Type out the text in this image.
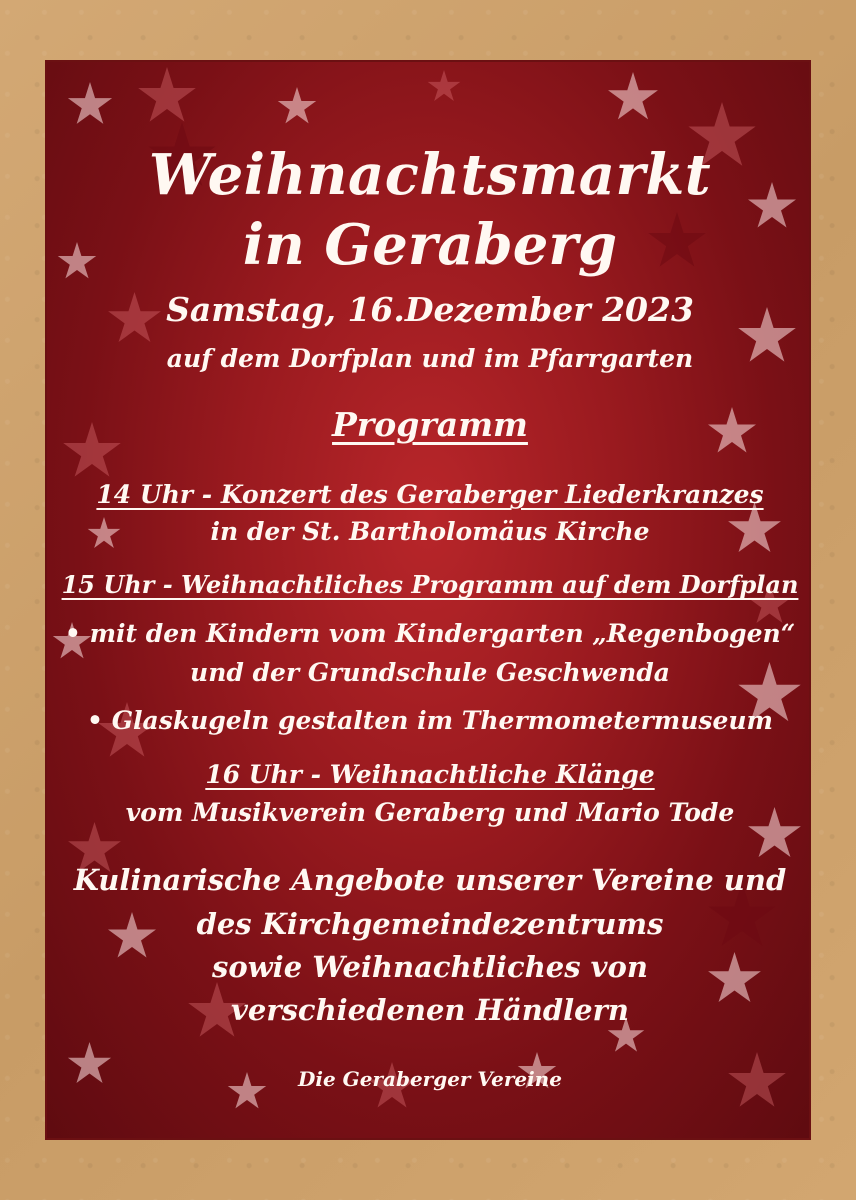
Weihnachtsmarkt
in Geraberg
Samstag, 16.Dezember 2023
auf dem Dorfplan und im Pfarrgarten
Programm
14 Uhr - Konzert des Geraberger Liederkranzes
in der St. Bartholomäus Kirche
15 Uhr - Weihnachtliches Programm auf dem Dorfplan
• mit den Kindern vom Kindergarten „Regenbogen“
und der Grundschule Geschwenda
• Glaskugeln gestalten im Thermometermuseum
16 Uhr - Weihnachtliche Klänge
vom Musikverein Geraberg und Mario Tode
Kulinarische Angebote unserer Vereine und
des Kirchgemeindezentrums
sowie Weihnachtliches von
verschiedenen Händlern
Die Geraberger Vereine
